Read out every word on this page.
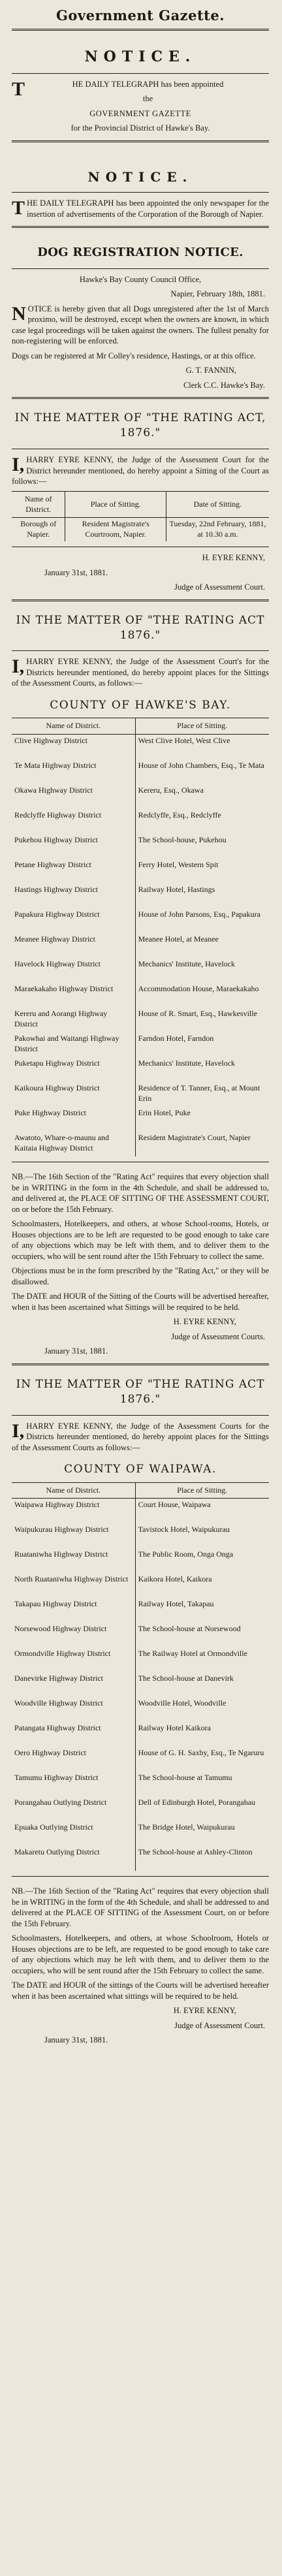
Government Gazette.
NOTICE.

THE DAILY TELEGRAPH has been appointed

the

GOVERNMENT GAZETTE

for the Provincial District of Hawke's Bay.

NOTICE.

THE DAILY TELEGRAPH has been appointed the only newspaper for the insertion of advertisements of the Corporation of the Borough of Napier.

DOG REGISTRATION NOTICE.

Hawke's Bay County Council Office,

Napier, February 18th, 1881.

NOTICE is hereby given that all Dogs unregistered after the 1st of March proximo, will be destroyed, except when the owners are known, in which case legal proceedings will be taken against the owners. The fullest penalty for non-registering will be enforced.

Dogs can be registered at Mr Colley's residence, Hastings, or at this office.

G. T. FANNIN,

Clerk C.C. Hawke's Bay.

IN THE MATTER OF "THE RATING ACT, 1876."

I,HARRY EYRE KENNY, the Judge of the Assessment Court for the District hereunder mentioned, do hereby appoint a Sitting of the Court as follows:—

Name of District.	Place of Sitting.	Date of Sitting.
Borough of Napier.	Resident Magistrate's Courtroom, Napier.	Tuesday, 22nd February, 1881, at 10.30 a.m.

H. EYRE KENNY,

January 31st, 1881.

Judge of Assessment Court.

IN THE MATTER OF "THE RATING ACT 1876."

I,HARRY EYRE KENNY, the Judge of the Assessment Court's for the Districts hereunder mentioned, do hereby appoint places for the Sittings of the Assessment Courts, as follows:—

COUNTY OF HAWKE'S BAY.
Name of District.	Place of Sitting.
Clive Highway District	West Clive Hotel, West Clive
Te Mata Highway District	House of John Chambers, Esq., Te Mata
Okawa Highway District	Kereru, Esq., Okawa
Redclyffe Highway District	Redclyffe, Esq., Redclyffe
Pukehou Highway District	The School-house, Pukehou
Petane Highway District	Ferry Hotel, Western Spit
Hastings Highway District	Railway Hotel, Hastings
Papakura Highway District	House of John Parsons, Esq., Papakura
Meanee Highway District	Meanee Hotel, at Meanee
Havelock Highway District	Mechanics' Institute, Havelock
Maraekakaho Highway District	Accommodation House, Maraekakaho
Kereru and Aorangi Highway District	House of R. Smart, Esq., Hawkesville
Pakowhai and Waitangi Highway District	Farndon Hotel, Farndon
Puketapu Highway District	Mechanics' Institute, Havelock
Kaikoura Highway District	Residence of T. Tanner, Esq., at Mount Erin
Puke Highway District	Erin Hotel, Puke
Awatoto, Whare-o-maunu and Kaitaia Highway District	Resident Magistrate's Court, Napier

NB.—The 16th Section of the "Rating Act" requires that every objection shall be in WRITING in the form in the 4th Schedule, and shall be addressed to, and delivered at, the PLACE OF SITTING OF THE ASSESSMENT COURT, on or before the 15th February.

Schoolmasters, Hotelkeepers, and others, at whose School-rooms, Hotels, or Houses objections are to be left are requested to be good enough to take care of any objections which may be left with them, and to deliver them to the occupiers, who will be sent round after the 15th February to collect the same.

Objections must be in the form prescribed by the "Rating Act," or they will be disallowed.

The DATE and HOUR of the Sitting of the Courts will be advertised hereafter, when it has been ascertained what Sittings will be required to be held.

H. EYRE KENNY,

Judge of Assessment Courts.

January 31st, 1881.

IN THE MATTER OF "THE RATING ACT 1876."

I,HARRY EYRE KENNY, the Judge of the Assessment Courts for the Districts hereunder mentioned, do hereby appoint places for the Sittings of the Assessment Courts as follows:—

COUNTY OF WAIPAWA.
Name of District.	Place of Sitting.
Waipawa Highway District	Court House, Waipawa
Waipukurau Highway District	Tavistock Hotel, Waipukurau
Ruataniwha Highway District	The Public Room, Onga Onga
North Ruataniwha Highway District	Kaikora Hotel, Kaikora
Takapau Highway District	Railway Hotel, Takapau
Norsewood Highway District	The School-house at Norsewood
Ormondville Highway District	The Railway Hotel at Ormondville
Danevirke Highway District	The School-house at Danevirk
Woodville Highway District	Woodville Hotel, Woodville
Patangata Highway District	Railway Hotel Kaikora
Oero Highway District	House of G. H. Saxby, Esq., Te Ngaruru
Tamumu Highway District	The School-house at Tamumu
Porangahau Outlying District	Dell of Edinburgh Hotel, Porangahau
Epuaka Outlying District	The Bridge Hotel, Waipukurau
Makaretu Outlying District	The School-house at Ashley-Clinton

NB.—The 16th Section of the "Rating Act" requires that every objection shall be in WRITING in the form of the 4th Schedule, and shall be addressed to and delivered at the PLACE OF SITTING of the Assessment Court, on or before the 15th February.

Schoolmasters, Hotelkeepers, and others, at whose Schoolroom, Hotels or Houses objections are to be left, are requested to be good enough to take care of any objections which may be left with them, and to deliver them to the occupiers, who will be sent round after the 15th February to collect the same.

The DATE and HOUR of the sittings of the Courts will be advertised hereafter when it has been ascertained what sittings will be required to be held.

H. EYRE KENNY,

Judge of Assessment Court.

January 31st, 1881.
